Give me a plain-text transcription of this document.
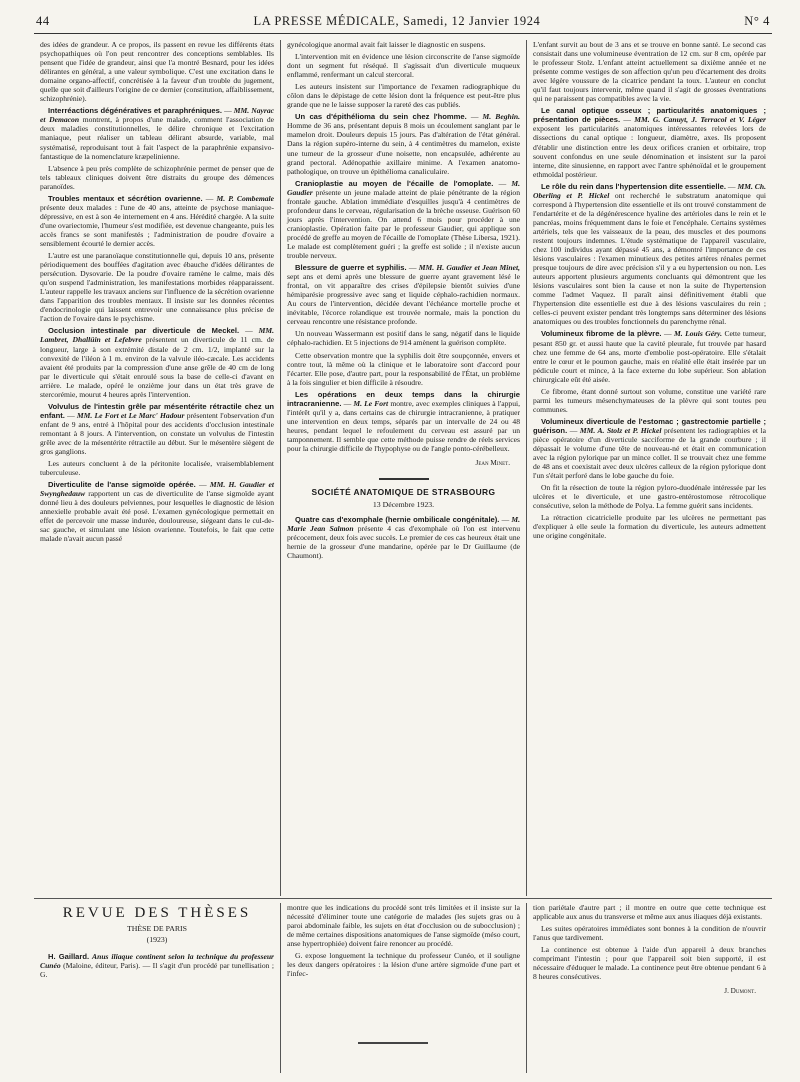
44	LA PRESSE MÉDICALE, Samedi, 12 Janvier 1924	N° 4

des idées de grandeur. A ce propos, ils passent en revue les différents états psychopathiques où l'on peut rencontrer des conceptions semblables. Ils pensent que l'idée de grandeur, ainsi que l'a montré Besnard, pour les idées délirantes en général, a une valeur symbolique. C'est une excitation dans le domaine organo-affectif, concrétisée à la faveur d'un trouble du jugement, quelle que soit d'ailleurs l'origine de ce dernier (constitution, affaiblissement, schizophrénie).

Interréactions dégénératives et paraphréniques. — MM. Nayrac et Demacon montrent, à propos d'une malade, comment l'association de deux maladies constitutionnelles, le délire chronique et l'excitation maniaque, peut réaliser un tableau délirant absurde, variable, mal systématisé, reproduisant tout à fait l'aspect de la paraphrénie expansivo-fantastique de la nomenclature kræpelinienne.

L'absence à peu près complète de schizophrénie permet de penser que de tels tableaux cliniques doivent être distraits du groupe des démences paranoïdes.

Troubles mentaux et sécrétion ovarienne. — M. P. Combemale présente deux malades : l'une de 40 ans, atteinte de psychose maniaque-dépressive, en est à son 4e internement en 4 ans. Hérédité chargée. A la suite d'une ovariectomie, l'humeur s'est modifiée, est devenue changeante, puis les accès francs se sont manifestés ; l'administration de poudre d'ovaire a sensiblement écourté le dernier accès.

L'autre est une paranoïaque constitutionnelle qui, depuis 10 ans, présente périodiquement des bouffées d'agitation avec ébauche d'idées délirantes de persécution. Dysovarie. De la poudre d'ovaire ramène le calme, mais dès qu'on suspend l'administration, les manifestations morbides réapparaissent. L'auteur rappelle les travaux anciens sur l'influence de la sécrétion ovarienne dans l'apparition des troubles mentaux. Il insiste sur les données récentes d'endocrinologie qui laissent entrevoir une connaissance plus précise de l'action de l'ovaire dans le psychisme.

Occlusion intestinale par diverticule de Meckel. — MM. Lambret, Dhallüin et Lefebvre présentent un diverticule de 11 cm. de longueur, large à son extrémité distale de 2 cm. 1/2, implanté sur la convexité de l'iléon à 1 m. environ de la valvule iléo-cæcale. Les accidents avaient été produits par la compression d'une anse grêle de 40 cm de long par le diverticule qui s'était enroulé sous la base de celle-ci d'avant en arrière. Le malade, opéré le onzième jour dans un état très grave de stercorémie, mourut 4 heures après l'intervention.

Volvulus de l'intestin grêle par mésentérite rétractile chez un enfant. — MM. Le Fort et Le Marc' Hadour présentent l'observation d'un enfant de 9 ans, entré à l'hôpital pour des accidents d'occlusion intestinale remontant à 8 jours. A l'intervention, on constate un volvulus de l'intestin grêle avec de la mésentérite rétractile au début. Sur le mésentère siègent de gros ganglions.

Les auteurs concluent à de la péritonite localisée, vraisemblablement tuberculeuse.

Diverticulite de l'anse sigmoïde opérée. — MM. H. Gaudier et Swynghedauw rapportent un cas de diverticulite de l'anse sigmoïde ayant donné lieu à des douleurs pelviennes, pour lesquelles le diagnostic de lésion annexielle probable avait été posé. L'examen gynécologique permettait en effet de percevoir une masse indurée, douloureuse, siégeant dans le cul-de-sac gauche, et simulant une lésion ovarienne. Toutefois, le fait que cette malade n'avait aucun passé

gynécologique anormal avait fait laisser le diagnostic en suspens.

L'intervention mit en évidence une lésion circonscrite de l'anse sigmoïde dont un segment fut réséqué. Il s'agissait d'un diverticule muqueux enflammé, renfermant un calcul stercoral.

Les auteurs insistent sur l'importance de l'examen radiographique du côlon dans le dépistage de cette lésion dont la fréquence est peut-être plus grande que ne le laisse supposer la rareté des cas publiés.

Un cas d'épithélioma du sein chez l'homme. — M. Beghin. Homme de 36 ans, présentant depuis 8 mois un écoulement sanglant par le mamelon droit. Douleurs depuis 15 jours. Pas d'altération de l'état général. Dans la région supéro-interne du sein, à 4 centimètres du mamelon, existe une tumeur de la grosseur d'une noisette, non encapsulée, adhérente au grand pectoral. Adénopathie axillaire minime. A l'examen anatomo-pathologique, on trouve un épithélioma canaliculaire.

Cranioplastie au moyen de l'écaille de l'omoplate. — M. Gaudier présente un jeune malade atteint de plaie pénétrante de la région frontale gauche. Ablation immédiate d'esquilles jusqu'à 4 centimètres de profondeur dans le cerveau, régularisation de la brèche osseuse. Guérison 60 jours après l'intervention. On attend 6 mois pour procéder à une cranioplastie. Opération faite par le professeur Gaudier, qui applique son procédé de greffe au moyen de l'écaille de l'omoplate (Thèse Libersa, 1921). Le malade est complètement guéri ; la greffe est solide ; il n'existe aucun trouble nerveux.

Blessure de guerre et syphilis. — MM. H. Gaudier et Jean Minet, sept ans et demi après une blessure de guerre ayant gravement lésé le frontal, on vit apparaître des crises d'épilepsie bientôt suivies d'une hémiparésie progressive avec sang et liquide céphalo-rachidien normaux. Au cours de l'intervention, décidée devant l'échéance mortelle proche et inévitable, l'écorce rolandique est trouvée normale, mais la ponction du cerveau rencontre une résistance profonde.

Un nouveau Wassermann est positif dans le sang, négatif dans le liquide céphalo-rachidien. Et 5 injections de 914 amènent la guérison complète.

Cette observation montre que la syphilis doit être soupçonnée, envers et contre tout, là même où la clinique et le laboratoire sont d'accord pour l'écarter. Elle pose, d'autre part, pour la responsabilité de l'État, un problème à la fois singulier et bien difficile à résoudre.

Les opérations en deux temps dans la chirurgie intracranienne. — M. Le Fort montre, avec exemples cliniques à l'appui, l'intérêt qu'il y a, dans certains cas de chirurgie intracranienne, à pratiquer une intervention en deux temps, séparés par un intervalle de 24 ou 48 heures, pendant lequel le refoulement du cerveau est assuré par un tamponnement. Il semble que cette méthode puisse rendre de réels services pour la chirurgie difficile de l'hypophyse ou de l'angle ponto-cérébelleux.

Jean Minet.
SOCIÉTÉ ANATOMIQUE DE STRASBOURG
13 Décembre 1923.

Quatre cas d'exomphale (hernie ombilicale congénitale). — M. Marie Jean Salmon présente 4 cas d'exomphale où l'on est intervenu précocement, deux fois avec succès. Le premier de ces cas heureux était une hernie de la grosseur d'une mandarine, opérée par le Dr Guillaume (de Chaumont).

L'enfant survit au bout de 3 ans et se trouve en bonne santé. Le second cas consistait dans une volumineuse éventration de 12 cm. sur 8 cm, opérée par le professeur Stolz. L'enfant atteint actuellement sa dixième année et ne présente comme vestiges de son affection qu'un peu d'écartement des droits avec légère voussure de la cicatrice pendant la toux. L'auteur en conclut qu'il faut toujours intervenir, même quand il s'agit de grosses éventrations qui ne paraissent pas compatibles avec la vie.

Le canal optique osseux ; particularités anatomiques ; présentation de pièces. — MM. G. Canuyt, J. Terracol et V. Léger exposent les particularités anatomiques intéressantes relevées lors de dissections du canal optique : longueur, diamètre, axes. Ils proposent d'établir une distinction entre les deux orifices cranien et orbitaire, trop souvent confondus en une seule dénomination et insistent sur la paroi interne, dite sinusienne, en rapport avec l'antre sphénoïdal et le groupement ethmoïdal postérieur.

Le rôle du rein dans l'hypertension dite essentielle. — MM. Ch. Oberling et P. Hickel ont recherché le substratum anatomique qui correspond à l'hypertension dite essentielle et ils ont trouvé constamment de l'endartérite et de la dégénérescence hyaline des artérioles dans le rein et le pancréas, moins fréquemment dans le foie et l'encéphale. Certains systèmes artériels, tels que les vaisseaux de la peau, des muscles et des poumons restent toujours indemnes. L'étude systématique de l'appareil vasculaire, chez 100 individus ayant dépassé 45 ans, a démontré l'importance de ces lésions vasculaires : l'examen minutieux des petites artères rénales permet presque toujours de dire avec précision s'il y a eu hypertension ou non. Les auteurs apportent plusieurs arguments concluants qui démontrent que les lésions vasculaires sont bien la cause et non la suite de l'hypertension comme l'admet Vaquez. Il paraît ainsi définitivement établi que l'hypertension dite essentielle est due à des lésions vasculaires du rein ; celles-ci peuvent exister pendant très longtemps sans déterminer des lésions anatomiques ou des troubles fonctionnels du parenchyme rénal.

Volumineux fibrome de la plèvre. — M. Louis Géry. Cette tumeur, pesant 850 gr. et aussi haute que la cavité pleurale, fut trouvée par hasard chez une femme de 64 ans, morte d'embolie post-opératoire. Elle s'étalait entre le cœur et le poumon gauche, mais en réalité elle était insérée par un pédicule court et mince, à la face externe du lobe supérieur. Son ablation chirurgicale eût été aisée.

Ce fibrome, étant donné surtout son volume, constitue une variété rare parmi les tumeurs mésenchymateuses de la plèvre qui sont toutes peu communes.

Volumineux diverticule de l'estomac ; gastrectomie partielle ; guérison. — MM. A. Stolz et P. Hickel présentent les radiographies et la pièce opératoire d'un diverticule sacciforme de la grande courbure ; il dépassait le volume d'une tête de nouveau-né et était en communication avec la région pylorique par un mince collet. Il se trouvait chez une femme de 48 ans et coexistait avec deux ulcères calleux de la région pylorique dont l'un s'était perforé dans le lobe gauche du foie.

On fit la résection de toute la région pyloro-duodénale intéressée par les ulcères et le diverticule, et une gastro-entérostomose rétrocolique consécutive, selon la méthode de Polya. La femme guérit sans incidents.

La rétraction cicatricielle produite par les ulcères ne permettant pas d'expliquer à elle seule la formation du diverticule, les auteurs admettent une origine congénitale.

REVUE DES THÈSES
THÈSE DE PARIS
(1923)

H. Gaillard. Anus iliaque continent selon la technique du professeur Cunéo (Maloine, éditeur, Paris). — Il s'agit d'un procédé par tunellisation ; G.

montre que les indications du procédé sont très limitées et il insiste sur la nécessité d'éliminer toute une catégorie de malades (les sujets gras ou à paroi abdominale faible, les sujets en état d'occlusion ou de subocclusion) ; de même certaines dispositions anatomiques de l'anse sigmoïde (méso court, anse hypertrophiée) doivent faire renoncer au procédé.

G. expose longuement la technique du professeur Cunéo, et il souligne les deux dangers opératoires : la lésion d'une artère sigmoïde d'une part et l'infec-

tion pariétale d'autre part ; il montre en outre que cette technique est applicable aux anus du transverse et même aux anus iliaques déjà existants.

Les suites opératoires immédiates sont bonnes à la condition de n'ouvrir l'anus que tardivement.

La continence est obtenue à l'aide d'un appareil à deux branches comprimant l'intestin ; pour que l'appareil soit bien supporté, il est nécessaire d'éduquer le malade. La continence peut être obtenue pendant 6 à 8 heures consécutives.

J. Dumont.
